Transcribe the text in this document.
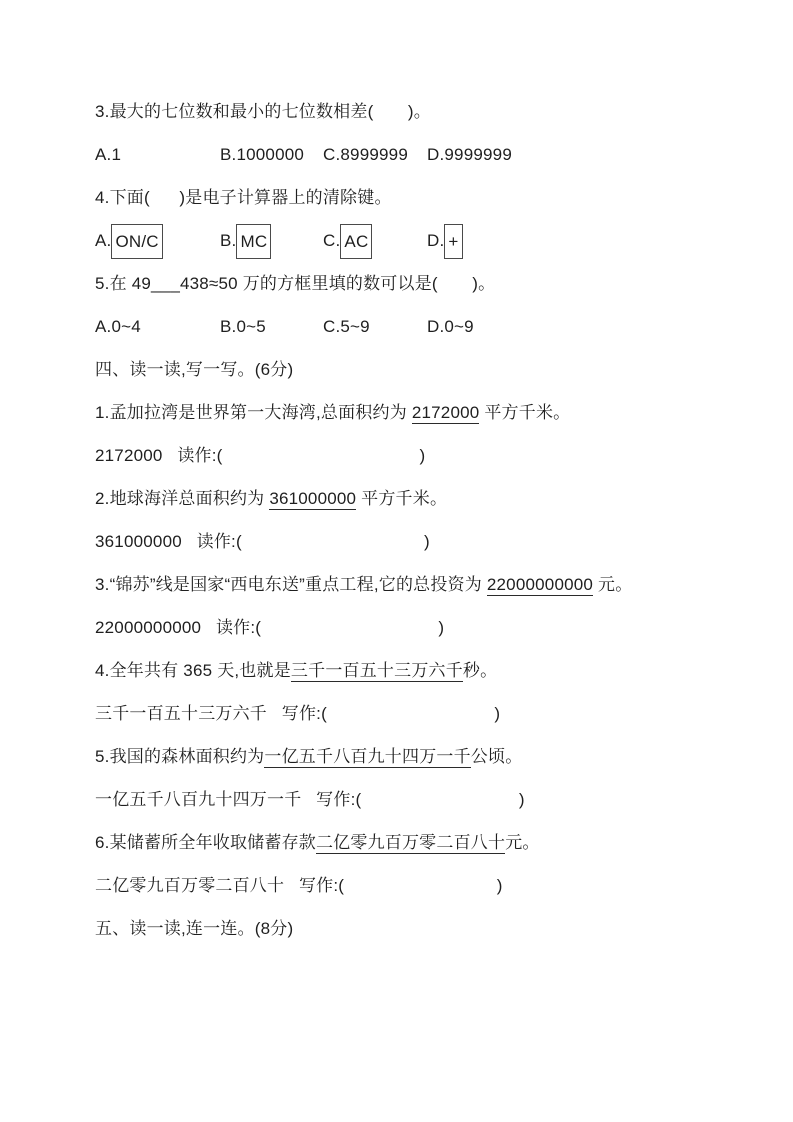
3.最大的七位数和最小的七位数相差(       )。
A.1	B.1000000	C.8999999	D.9999999
4.下面(      )是电子计算器上的清除键。
A. ON/C	B. MC	C. AC	D. +
5.在 49___438≈50 万的方框里填的数可以是(       )。
A.0~4	B.0~5	C.5~9	D.0~9
四、读一读,写一写。(6分)
1.孟加拉湾是世界第一大海湾,总面积约为 2172000 平方千米。
2172000   读作:(                                        )
2.地球海洋总面积约为 361000000 平方千米。
361000000   读作:(                                     )
3.“锦苏”线是国家“西电东送”重点工程,它的总投资为 22000000000 元。
22000000000   读作:(                                    )
4.全年共有 365 天,也就是三千一百五十三万六千秒。
三千一百五十三万六千   写作:(                                  )
5.我国的森林面积约为一亿五千八百九十四万一千公顷。
一亿五千八百九十四万一千   写作:(                                )
6.某储蓄所全年收取储蓄存款二亿零九百万零二百八十元。
二亿零九百万零二百八十   写作:(                               )
五、读一读,连一连。(8分)
